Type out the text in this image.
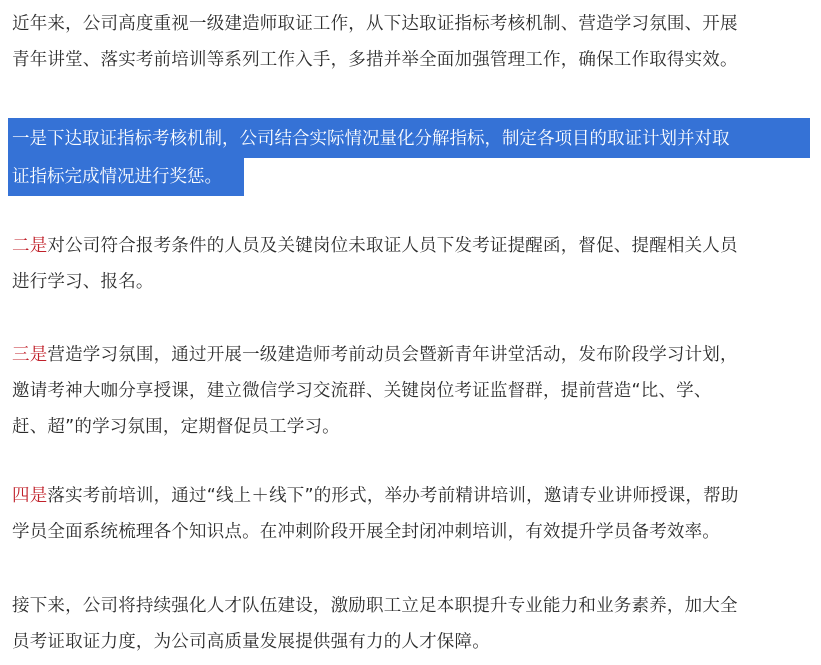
近年来，公司高度重视一级建造师取证工作，从下达取证指标考核机制、营造学习氛围、开展
青年讲堂、落实考前培训等系列工作入手，多措并举全面加强管理工作，确保工作取得实效。

一是下达取证指标考核机制，公司结合实际情况量化分解指标，制定各项目的取证计划并对取
证指标完成情况进行奖惩。

二是对公司符合报考条件的人员及关键岗位未取证人员下发考证提醒函，督促、提醒相关人员
进行学习、报名。

三是营造学习氛围，通过开展一级建造师考前动员会暨新青年讲堂活动，发布阶段学习计划，
邀请考神大咖分享授课，建立微信学习交流群、关键岗位考证监督群，提前营造“比、学、
赶、超”的学习氛围，定期督促员工学习。

四是落实考前培训，通过“线上＋线下”的形式，举办考前精讲培训，邀请专业讲师授课，帮助
学员全面系统梳理各个知识点。在冲刺阶段开展全封闭冲刺培训，有效提升学员备考效率。

接下来，公司将持续强化人才队伍建设，激励职工立足本职提升专业能力和业务素养，加大全
员考证取证力度，为公司高质量发展提供强有力的人才保障。
